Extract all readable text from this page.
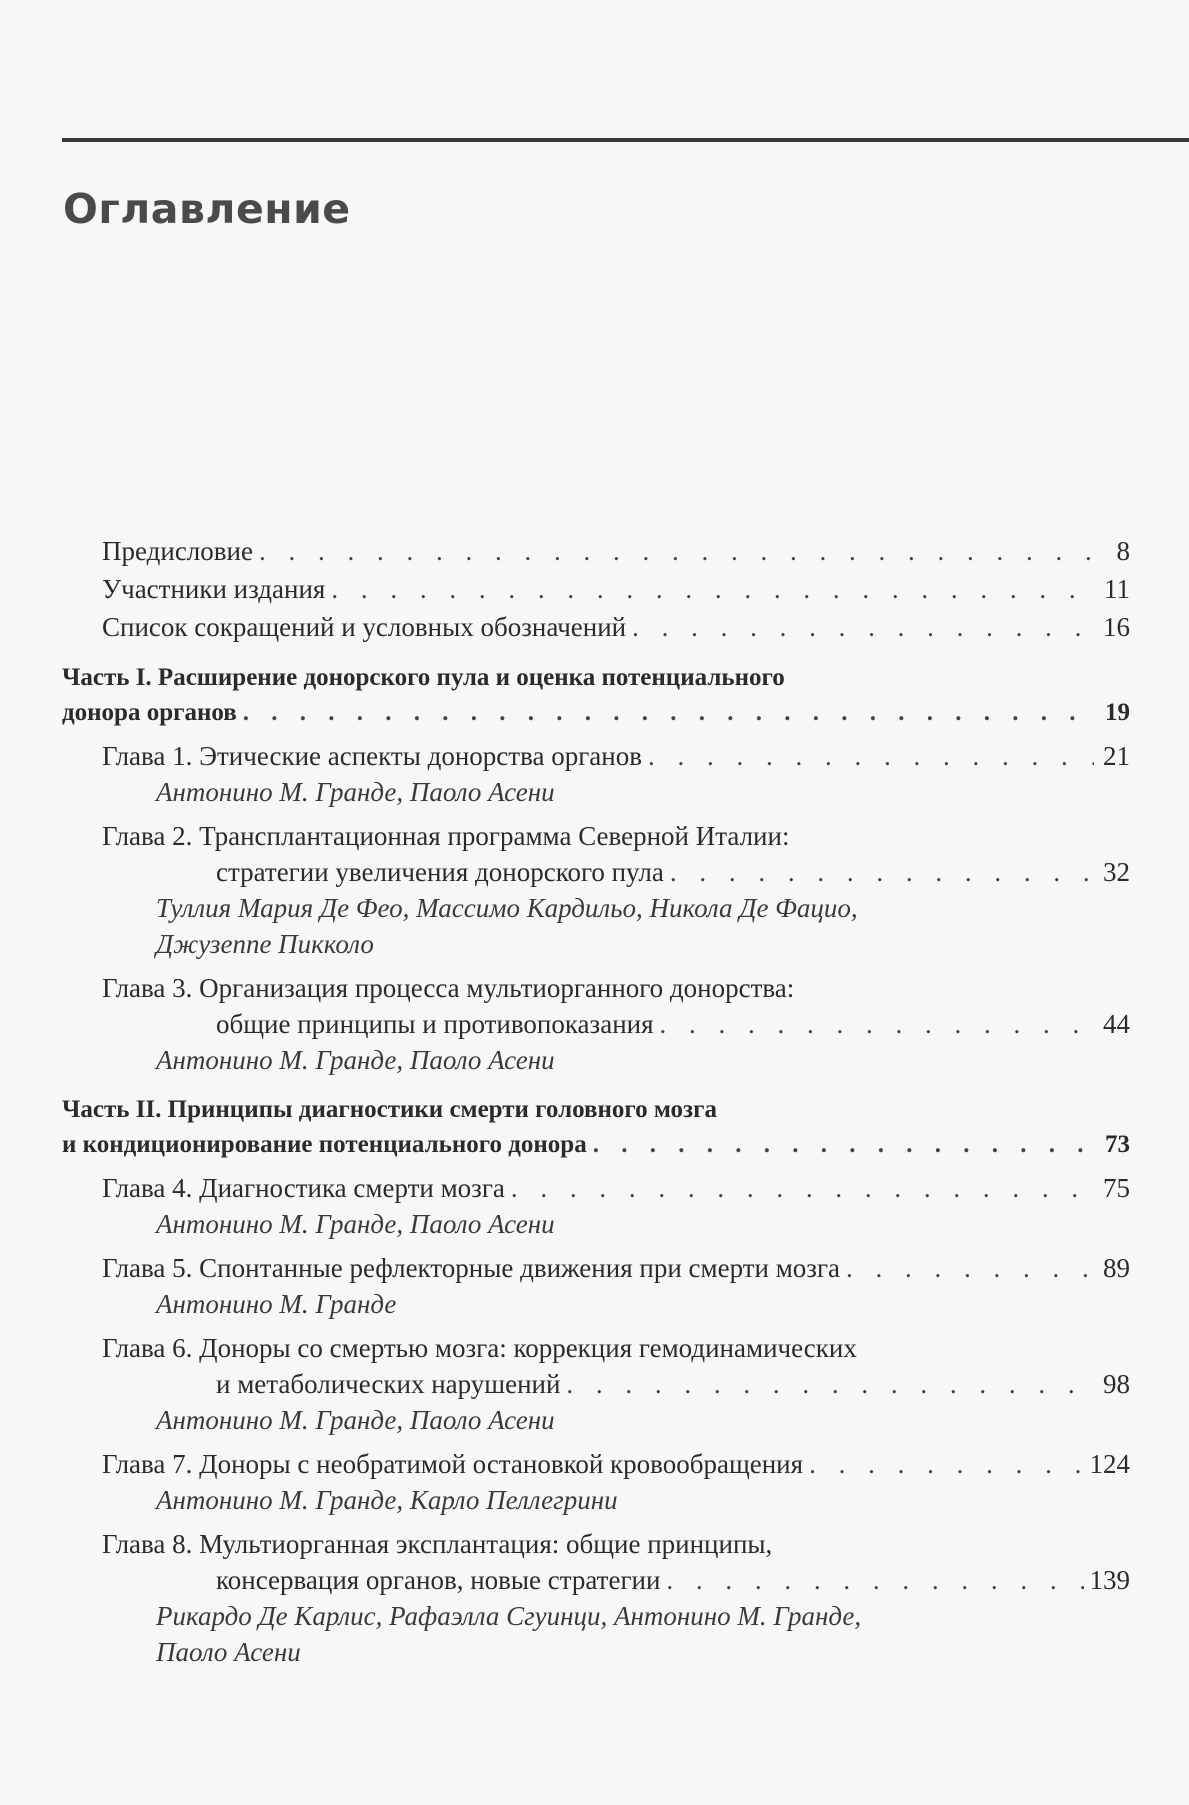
Оглавление
Предисловие . . .	8
Участники издания . . .	11
Список сокращений и условных обозначений . . .	16
Часть I. Расширение донорского пула и оценка потенциального
донора органов . . .	19
Глава 1. Этические аспекты донорства органов . . .	21
Антонино М. Гранде, Паоло Асени
Глава 2. Трансплантационная программа Северной Италии:
стратегии увеличения донорского пула . . .	32
Туллия Мария Де Фео, Массимо Кардильо, Никола Де Фацио,
Джузеппе Пикколо
Глава 3. Организация процесса мультиорганного донорства:
общие принципы и противопоказания . . .	44
Антонино М. Гранде, Паоло Асени
Часть II. Принципы диагностики смерти головного мозга
и кондиционирование потенциального донора . . .	73
Глава 4. Диагностика смерти мозга . . .	75
Антонино М. Гранде, Паоло Асени
Глава 5. Спонтанные рефлекторные движения при смерти мозга . . .	89
Антонино М. Гранде
Глава 6. Доноры со смертью мозга: коррекция гемодинамических
и метаболических нарушений . . .	98
Антонино М. Гранде, Паоло Асени
Глава 7. Доноры с необратимой остановкой кровообращения . . .	124
Антонино М. Гранде, Карло Пеллегрини
Глава 8. Мультиорганная эксплантация: общие принципы,
консервация органов, новые стратегии . . .	139
Рикардо Де Карлис, Рафаэлла Сгуинци, Антонино М. Гранде,
Паоло Асени
